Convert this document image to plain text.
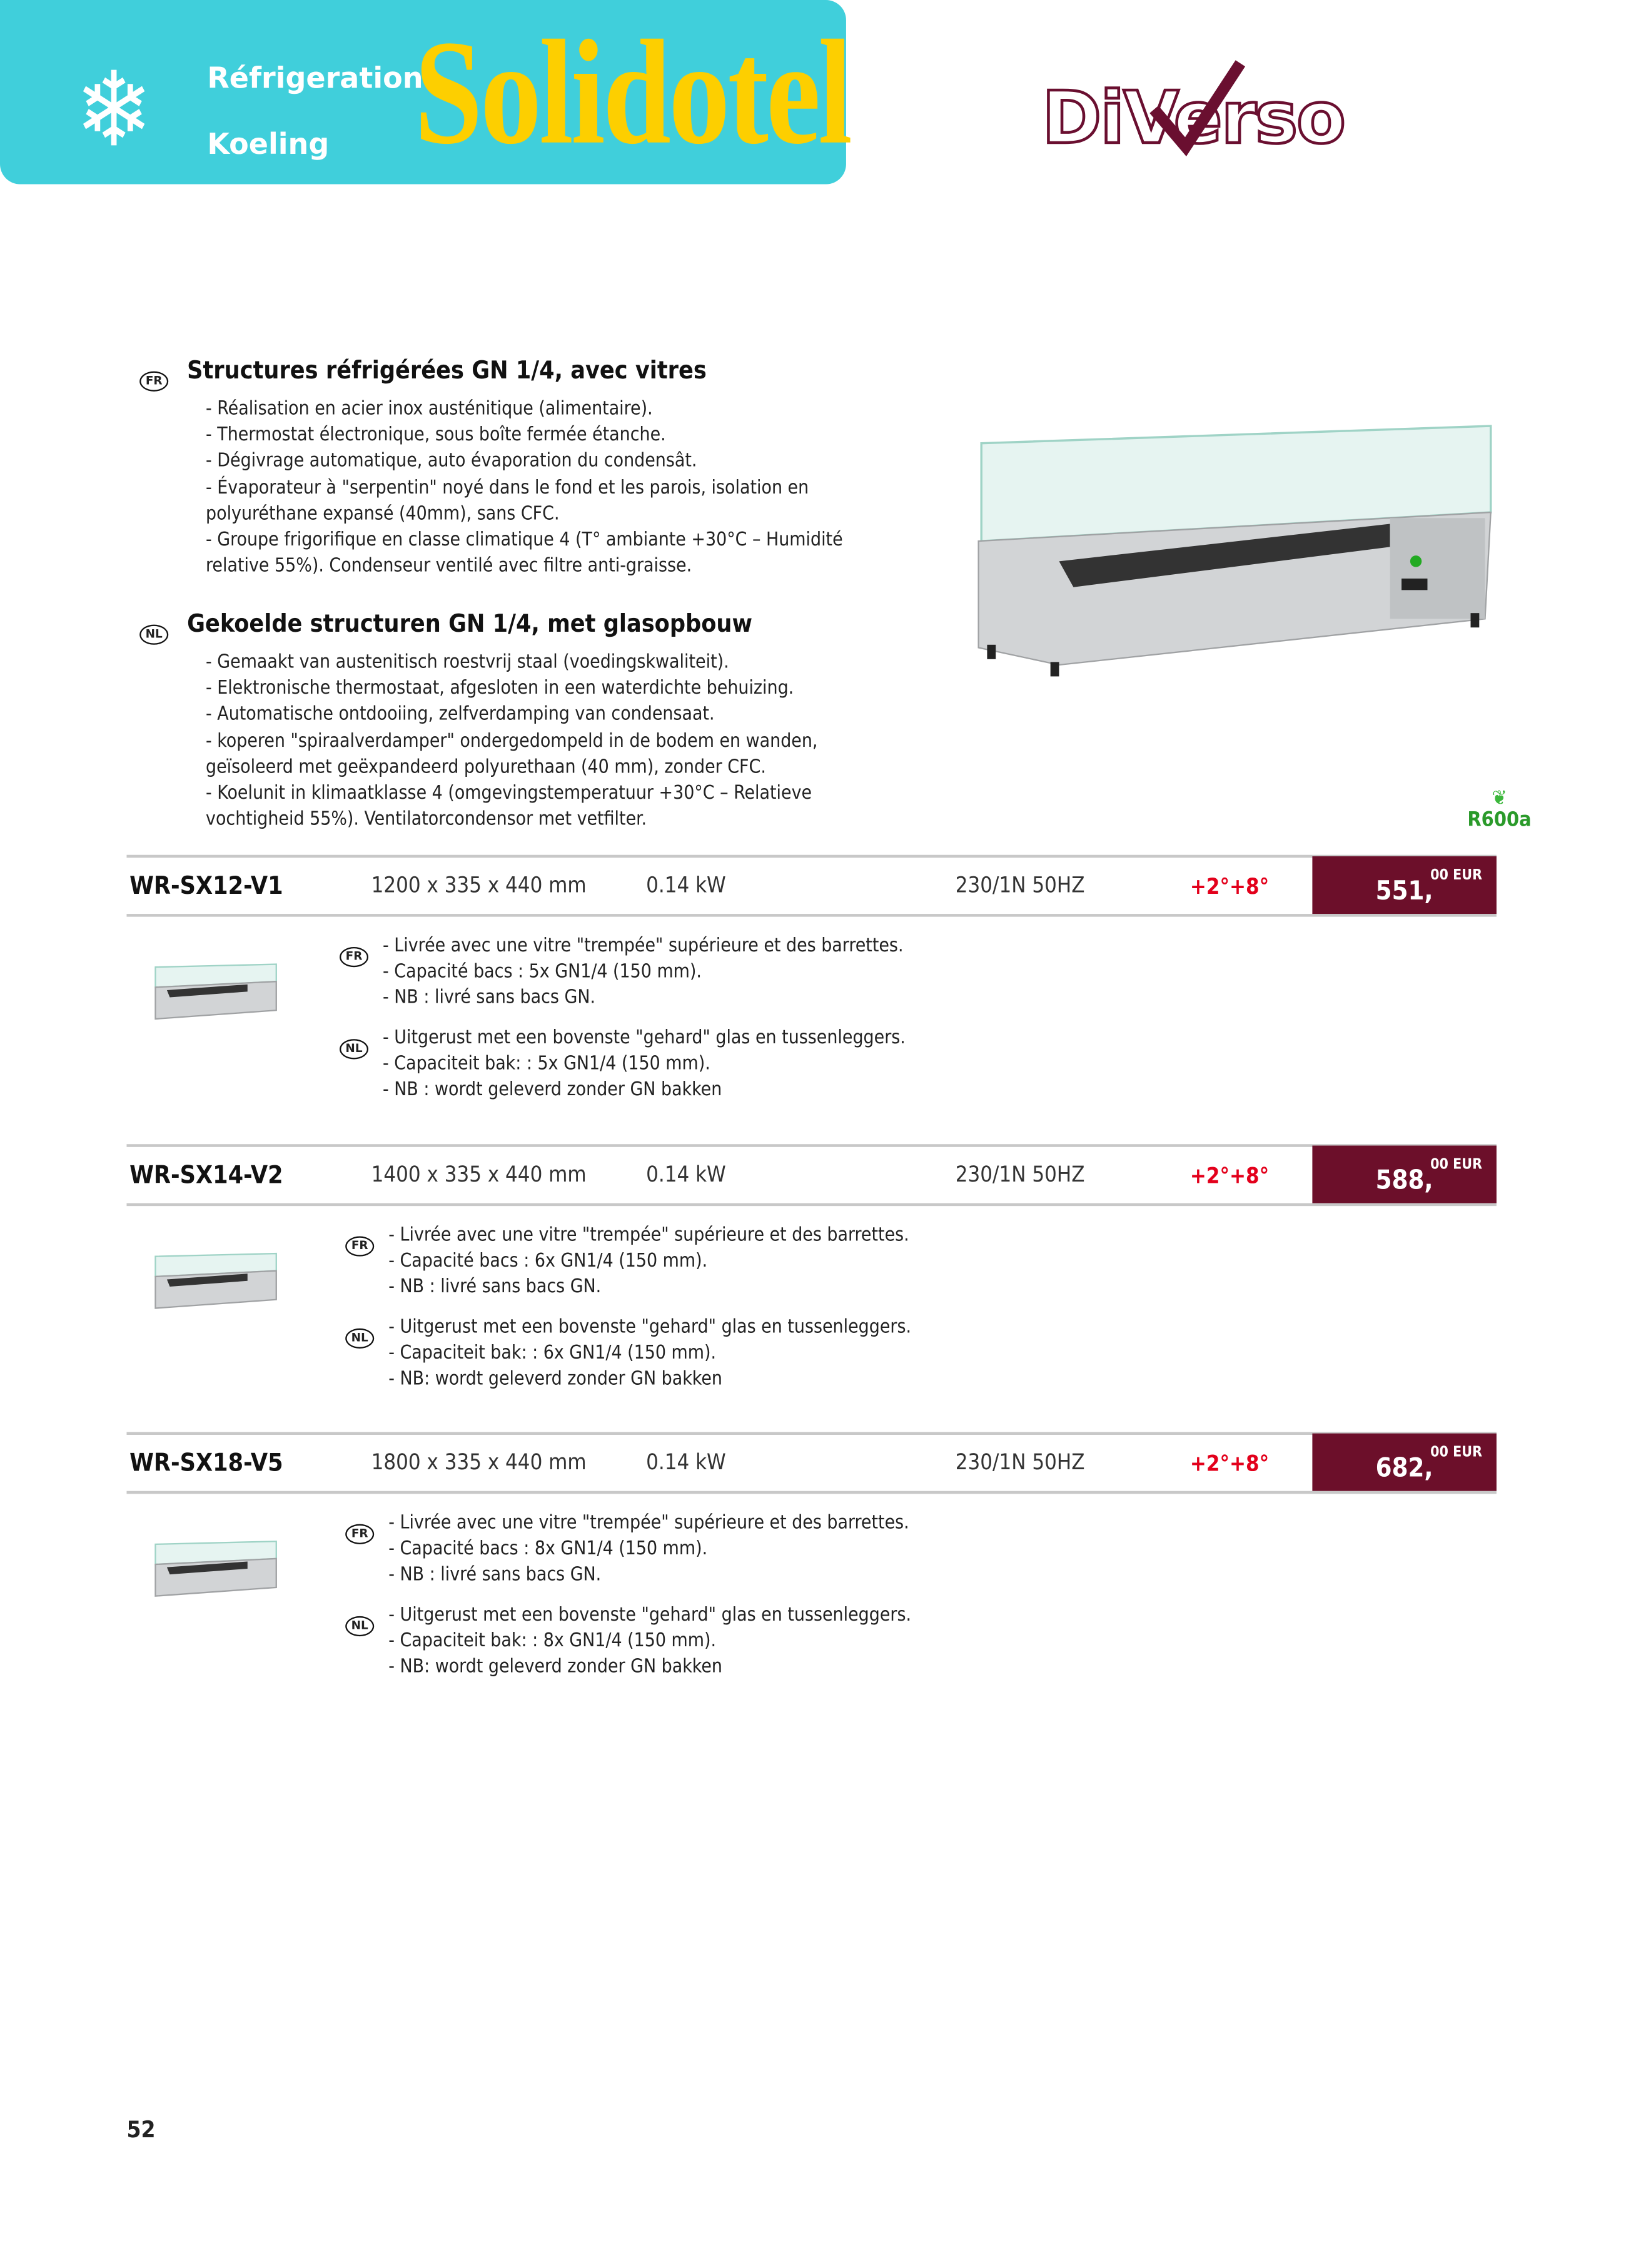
❄	Réfrigeration
Koeling Solidotel	DiVerso
FR	Structures réfrigérées GN 1/4, avec vitres
- Réalisation en acier inox austénitique (alimentaire).
- Thermostat électronique, sous boîte fermée étanche.
- Dégivrage automatique, auto évaporation du condensât.
- Évaporateur à "serpentin" noyé dans le fond et les parois, isolation en
polyuréthane expansé (40mm), sans CFC.
- Groupe frigorifique en classe climatique 4 (T° ambiante +30°C – Humidité
relative 55%). Condenseur ventilé avec filtre anti-graisse.
NL	Gekoelde structuren GN 1/4, met glasopbouw
- Gemaakt van austenitisch roestvrij staal (voedingskwaliteit).
- Elektronische thermostaat, afgesloten in een waterdichte behuizing.
- Automatische ontdooiing, zelfverdamping van condensaat.
- koperen "spiraalverdamper" ondergedompeld in de bodem en wanden,
geïsoleerd met geëxpandeerd polyurethaan (40 mm), zonder CFC.
- Koelunit in klimaatklasse 4 (omgevingstemperatuur +30°C – Relatieve
vochtigheid 55%). Ventilatorcondensor met vetfilter.
❦
R600a
WR-SX12-V1	1200 x 335 x 440 mm	0.14 kW	230/1N 50HZ	+2°+8°	551,
00 EUR
FR	- Livrée avec une vitre "trempée" supérieure et des barrettes.
- Capacité bacs : 5x GN1/4 (150 mm).
- NB : livré sans bacs GN.
NL	- Uitgerust met een bovenste "gehard" glas en tussenleggers.
- Capaciteit bak: : 5x GN1/4 (150 mm).
- NB : wordt geleverd zonder GN bakken
WR-SX14-V2	1400 x 335 x 440 mm	0.14 kW	230/1N 50HZ	+2°+8°	588,
00 EUR
FR	- Livrée avec une vitre "trempée" supérieure et des barrettes.
- Capacité bacs : 6x GN1/4 (150 mm).
- NB : livré sans bacs GN.
NL	- Uitgerust met een bovenste "gehard" glas en tussenleggers.
- Capaciteit bak: : 6x GN1/4 (150 mm).
- NB: wordt geleverd zonder GN bakken
WR-SX18-V5	1800 x 335 x 440 mm	0.14 kW	230/1N 50HZ	+2°+8°	682,
00 EUR
FR	- Livrée avec une vitre "trempée" supérieure et des barrettes.
- Capacité bacs : 8x GN1/4 (150 mm).
- NB : livré sans bacs GN.
NL	- Uitgerust met een bovenste "gehard" glas en tussenleggers.
- Capaciteit bak: : 8x GN1/4 (150 mm).
- NB: wordt geleverd zonder GN bakken
52
